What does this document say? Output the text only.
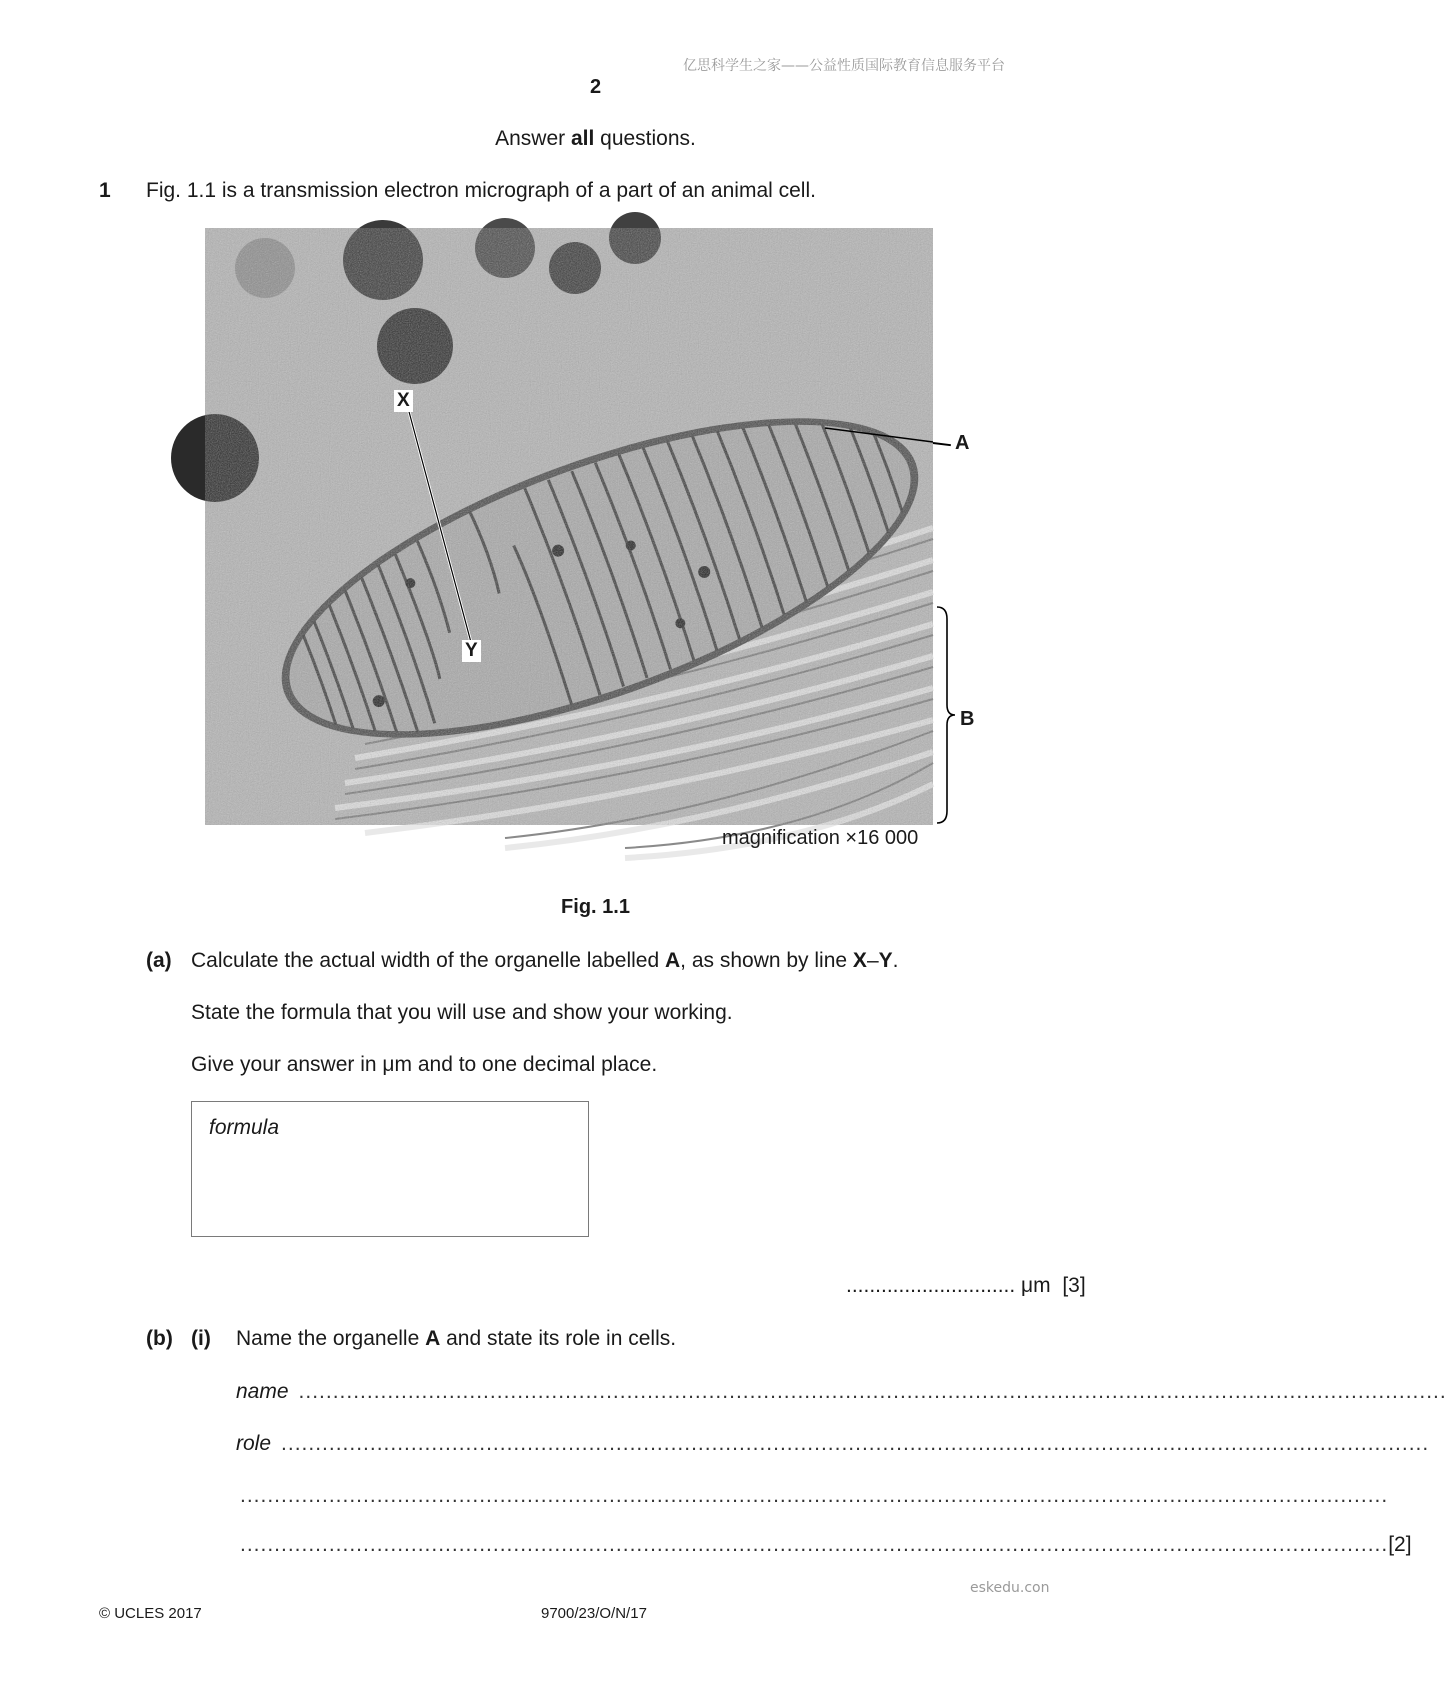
亿思科学生之家——公益性质国际教育信息服务平台
eskedu.con
2
Answer all questions.
1 Fig. 1.1 is a transmission electron micrograph of a part of an animal cell.
X
Y
A
B
magnification ×16 000
Fig. 1.1
(a) Calculate the actual width of the organelle labelled A, as shown by line X–Y.
State the formula that you will use and show your working.
Give your answer in μm and to one decimal place.
formula
............................. μm [3]
(b) (i) Name the organelle A and state its role in cells.
name ........................................................................................................................................................................
role ........................................................................................................................................................................
........................................................................................................................................................................
........................................................................................................................................................................ [2]
© UCLES 2017	9700/23/O/N/17
